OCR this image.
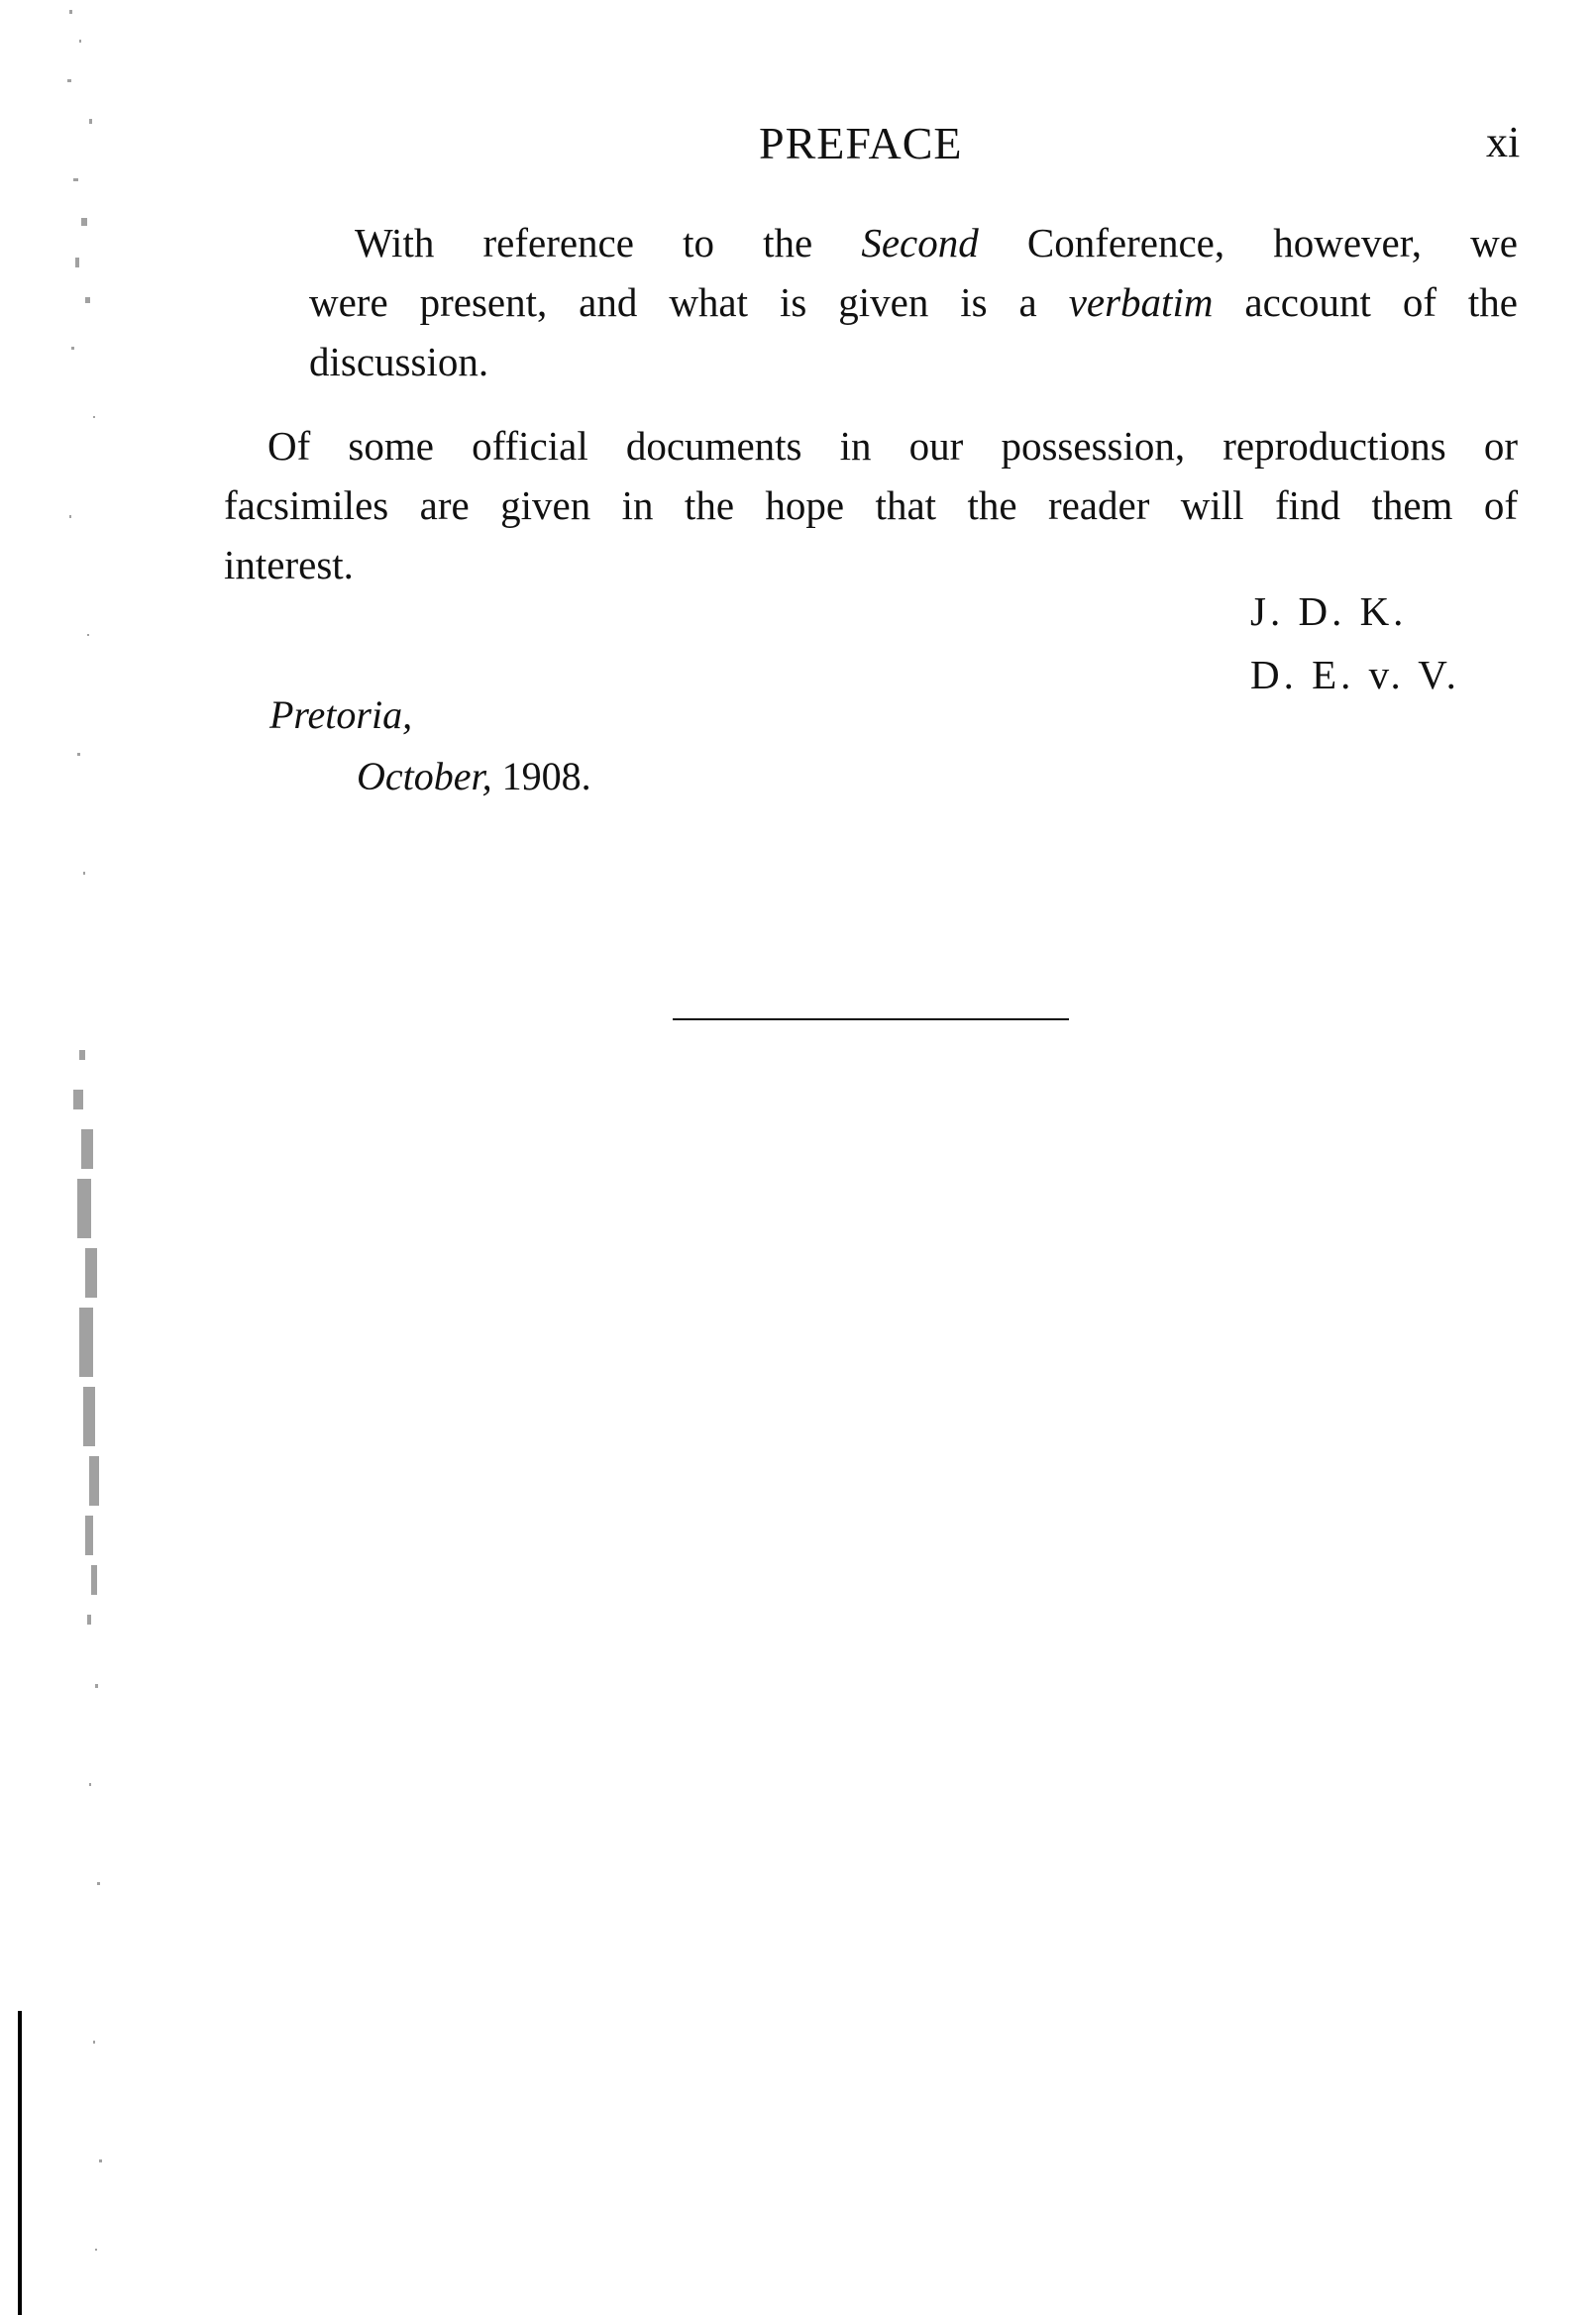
PREFACE	xi
With reference to the Second Conference, however, we
were present, and what is given is a verbatim account of the
discussion.
Of some official documents in our possession, reproductions or
facsimiles are given in the hope that the reader will find them of
interest.
J. D. K.
D. E. v. V.
Pretoria,
October, 1908.
